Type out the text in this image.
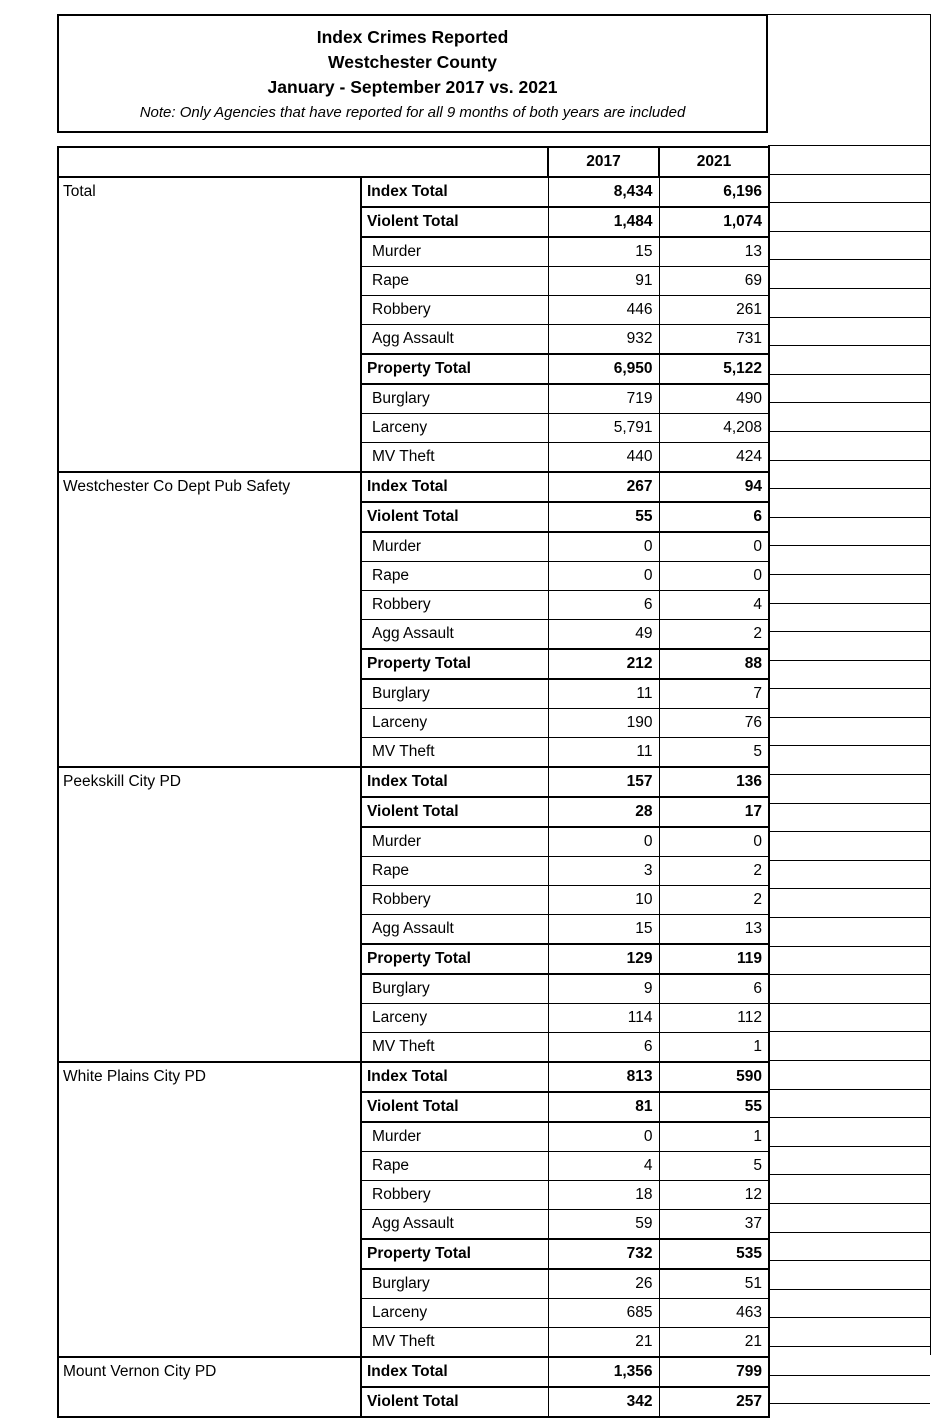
Index Crimes Reported
Westchester County
January - September 2017 vs. 2021
Note: Only Agencies that have reported for all 9 months of both years are included
		2017	2021
Total	Index Total	8,434	6,196
	Violent Total	1,484	1,074
	Murder	15	13
	Rape	91	69
	Robbery	446	261
	Agg Assault	932	731
	Property Total	6,950	5,122
	Burglary	719	490
	Larceny	5,791	4,208
	MV Theft	440	424
Westchester Co Dept Pub Safety	Index Total	267	94
	Violent Total	55	6
	Murder	0	0
	Rape	0	0
	Robbery	6	4
	Agg Assault	49	2
	Property Total	212	88
	Burglary	11	7
	Larceny	190	76
	MV Theft	11	5
Peekskill City PD	Index Total	157	136
	Violent Total	28	17
	Murder	0	0
	Rape	3	2
	Robbery	10	2
	Agg Assault	15	13
	Property Total	129	119
	Burglary	9	6
	Larceny	114	112
	MV Theft	6	1
White Plains City PD	Index Total	813	590
	Violent Total	81	55
	Murder	0	1
	Rape	4	5
	Robbery	18	12
	Agg Assault	59	37
	Property Total	732	535
	Burglary	26	51
	Larceny	685	463
	MV Theft	21	21
Mount Vernon City PD	Index Total	1,356	799
	Violent Total	342	257
